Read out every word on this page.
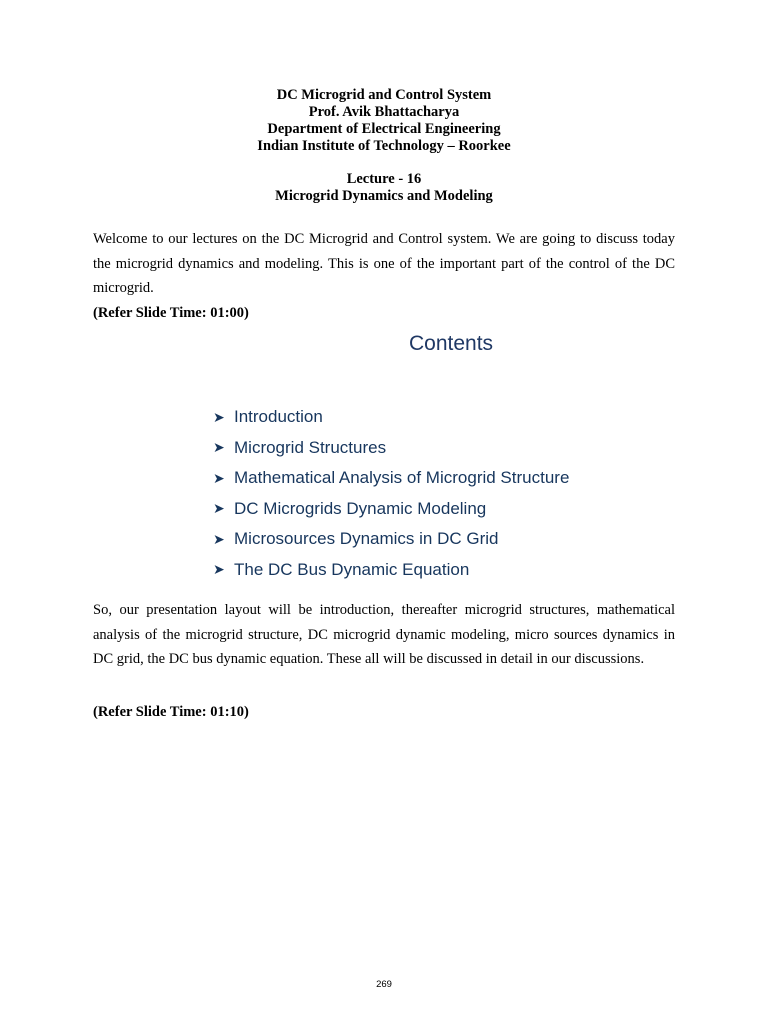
DC Microgrid and Control System
Prof. Avik Bhattacharya
Department of Electrical Engineering
Indian Institute of Technology – Roorkee
Lecture - 16
Microgrid Dynamics and Modeling

Welcome to our lectures on the DC Microgrid and Control system. We are going to discuss today the microgrid dynamics and modeling. This is one of the important part of the control of the DC microgrid.

(Refer Slide Time: 01:00)

Contents
➤ Introduction
➤ Microgrid Structures
➤ Mathematical Analysis of Microgrid Structure
➤ DC Microgrids Dynamic Modeling
➤ Microsources Dynamics in DC Grid
➤ The DC Bus Dynamic Equation

So, our presentation layout will be introduction, thereafter microgrid structures, mathematical analysis of the microgrid structure, DC microgrid dynamic modeling, micro sources dynamics in DC grid, the DC bus dynamic equation. These all will be discussed in detail in our discussions.

(Refer Slide Time: 01:10)

269
